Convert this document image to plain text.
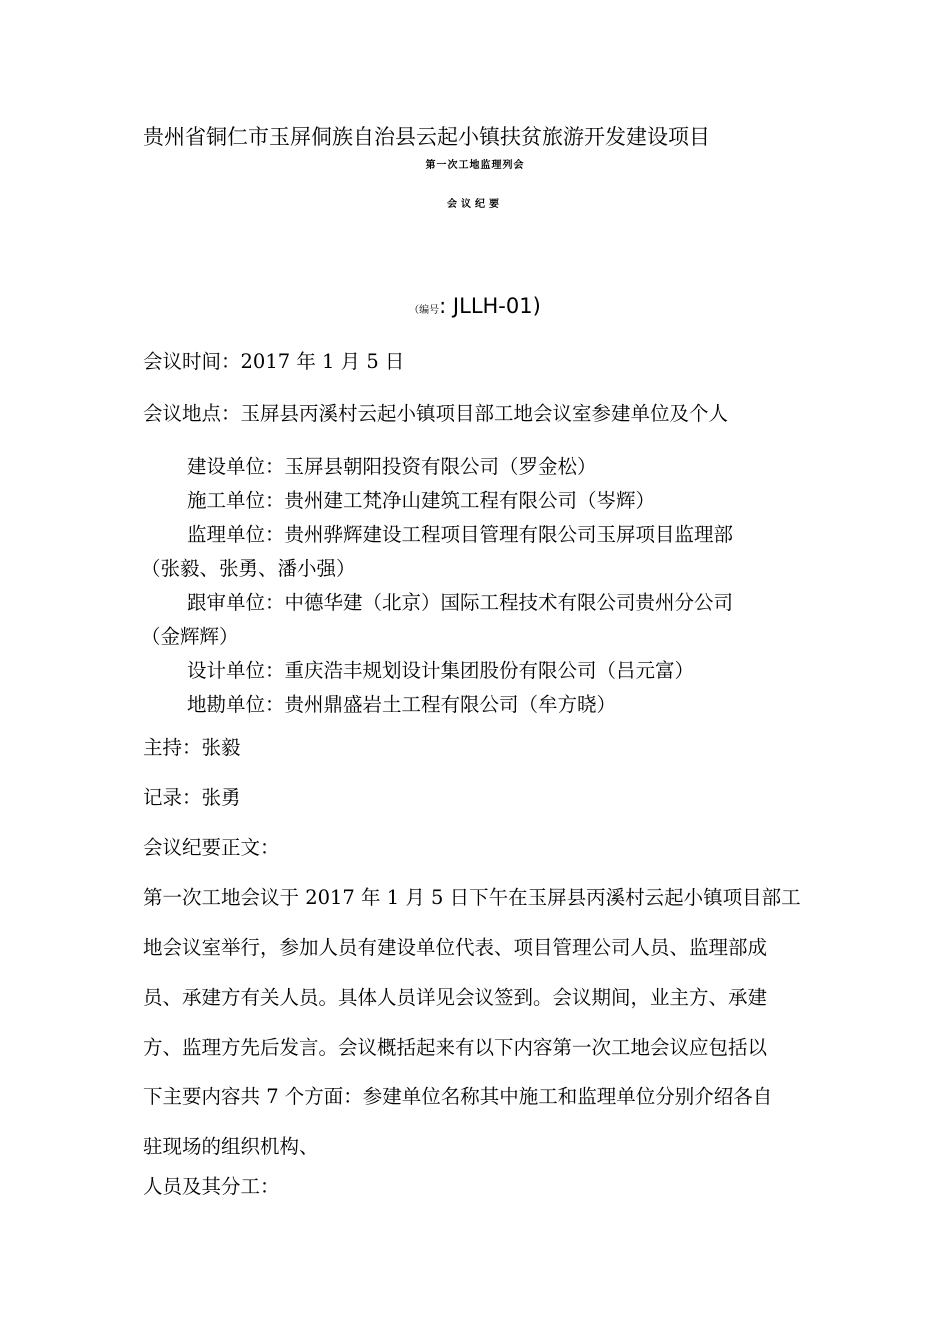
贵州省铜仁市玉屏侗族自治县云起小镇扶贫旅游开发建设项目
第一次工地监理列会
会议纪要
（编号: JLLH-01)
会议时间：2017 年 1 月 5 日
会议地点：玉屏县丙溪村云起小镇项目部工地会议室参建单位及个人
建设单位：玉屏县朝阳投资有限公司（罗金松）
施工单位：贵州建工梵净山建筑工程有限公司（岑辉）
监理单位：贵州骅辉建设工程项目管理有限公司玉屏项目监理部
（张毅、张勇、潘小强）
跟审单位：中德华建（北京）国际工程技术有限公司贵州分公司
（金辉辉）
设计单位：重庆浩丰规划设计集团股份有限公司（吕元富）
地勘单位：贵州鼎盛岩土工程有限公司（牟方晓）
主持：张毅
记录：张勇
会议纪要正文：
第一次工地会议于 2017 年 1 月 5 日下午在玉屏县丙溪村云起小镇项目部工
地会议室举行，参加人员有建设单位代表、项目管理公司人员、监理部成
员、承建方有关人员。具体人员详见会议签到。会议期间，业主方、承建
方、监理方先后发言。会议概括起来有以下内容第一次工地会议应包括以
下主要内容共 7 个方面：参建单位名称其中施工和监理单位分别介绍各自
驻现场的组织机构、
人员及其分工：
